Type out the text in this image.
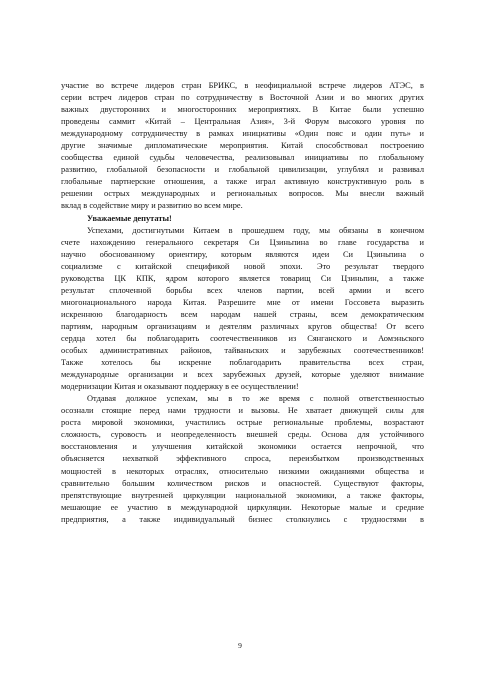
участие во встрече лидеров стран БРИКС, в неофициальной встрече лидеров АТЭС, в
серии встреч лидеров стран по сотрудничеству в Восточной Азии и во многих других
важных двусторонних и многосторонних мероприятиях. В Китае были успешно
проведены саммит «Китай – Центральная Азия», 3-й Форум высокого уровня по
международному сотрудничеству в рамках инициативы «Один пояс и один путь» и
другие значимые дипломатические мероприятия. Китай способствовал построению
сообщества единой судьбы человечества, реализовывал инициативы по глобальному
развитию, глобальной безопасности и глобальной цивилизации, углублял и развивал
глобальные партнерские отношения, а также играл активную конструктивную роль в
решении острых международных и региональных вопросов. Мы внесли важный
вклад в содействие миру и развитию во всем мире.
Уважаемые депутаты!
Успехами, достигнутыми Китаем в прошедшем году, мы обязаны в конечном
счете нахождению генерального секретаря Си Цзиньпина во главе государства и
научно обоснованному ориентиру, которым являются идеи Си Цзиньпина о
социализме с китайской спецификой новой эпохи. Это результат твердого
руководства ЦК КПК, ядром которого является товарищ Си Цзиньпин, а также
результат сплоченной борьбы всех членов партии, всей армии и всего
многонационального народа Китая. Разрешите мне от имени Госсовета выразить
искреннюю благодарность всем народам нашей страны, всем демократическим
партиям, народным организациям и деятелям различных кругов общества! От всего
сердца хотел бы поблагодарить соотечественников из Сянганского и Аомэньского
особых административных районов, тайваньских и зарубежных соотечественников!
Также хотелось бы искренне поблагодарить правительства всех стран,
международные организации и всех зарубежных друзей, которые уделяют внимание
модернизации Китая и оказывают поддержку в ее осуществлении!
Отдавая должное успехам, мы в то же время с полной ответственностью
осознали стоящие перед нами трудности и вызовы. Не хватает движущей силы для
роста мировой экономики, участились острые региональные проблемы, возрастают
сложность, суровость и неопределенность внешней среды. Основа для устойчивого
восстановления и улучшения китайской экономики остается непрочной, что
объясняется нехваткой эффективного спроса, переизбытком производственных
мощностей в некоторых отраслях, относительно низкими ожиданиями общества и
сравнительно большим количеством рисков и опасностей. Существуют факторы,
препятствующие внутренней циркуляции национальной экономики, а также факторы,
мешающие ее участию в международной циркуляции. Некоторые малые и средние
предприятия, а также индивидуальный бизнес столкнулись с трудностями в
9
